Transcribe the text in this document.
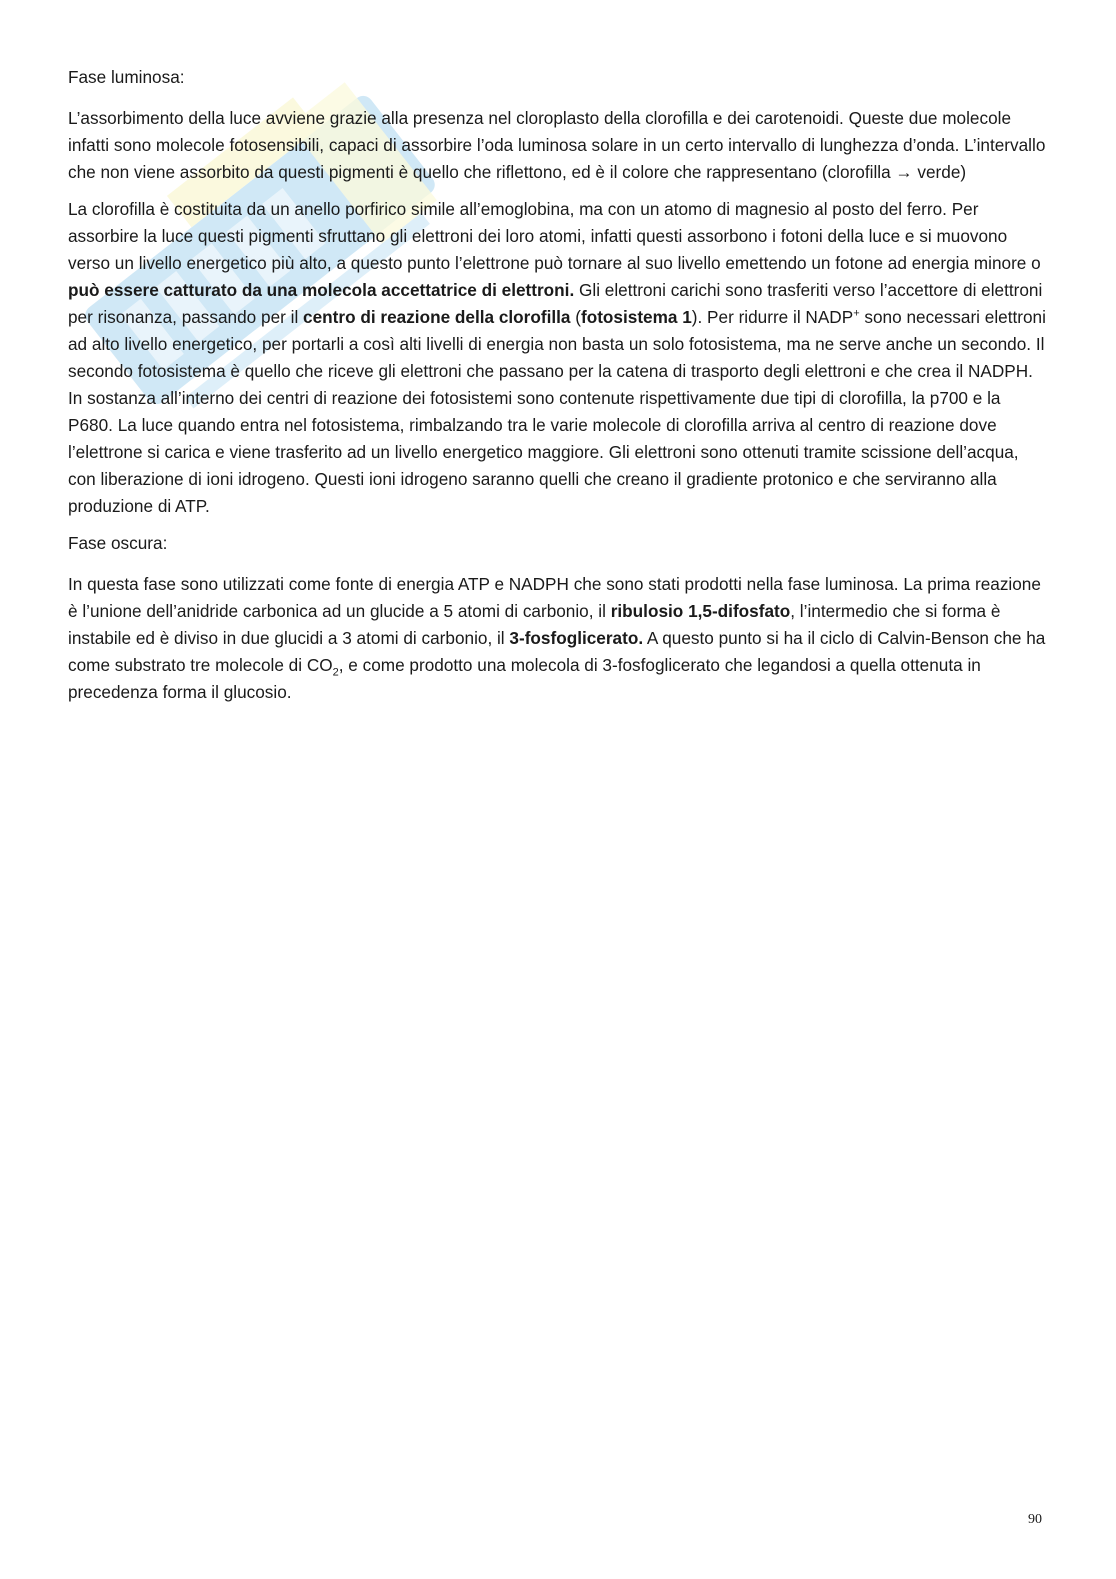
Fase luminosa:

L’assorbimento della luce avviene grazie alla presenza nel cloroplasto della clorofilla e dei carotenoidi. Queste due molecole infatti sono molecole fotosensibili, capaci di assorbire l’oda luminosa solare in un certo intervallo di lunghezza d’onda. L’intervallo che non viene assorbito da questi pigmenti è quello che riflettono, ed è il colore che rappresentano (clorofilla → verde)

La clorofilla è costituita da un anello porfirico simile all’emoglobina, ma con un atomo di magnesio al posto del ferro. Per assorbire la luce questi pigmenti sfruttano gli elettroni dei loro atomi, infatti questi assorbono i fotoni della luce e si muovono verso un livello energetico più alto, a questo punto l’elettrone può tornare al suo livello emettendo un fotone ad energia minore o può essere catturato da una molecola accettatrice di elettroni. Gli elettroni carichi sono trasferiti verso l’accettore di elettroni per risonanza, passando per il centro di reazione della clorofilla (fotosistema 1). Per ridurre il NADP+ sono necessari elettroni ad alto livello energetico, per portarli a così alti livelli di energia non basta un solo fotosistema, ma ne serve anche un secondo. Il secondo fotosistema è quello che riceve gli elettroni che passano per la catena di trasporto degli elettroni e che crea il NADPH. In sostanza all’interno dei centri di reazione dei fotosistemi sono contenute rispettivamente due tipi di clorofilla, la p700 e la P680. La luce quando entra nel fotosistema, rimbalzando tra le varie molecole di clorofilla arriva al centro di reazione dove l’elettrone si carica e viene trasferito ad un livello energetico maggiore. Gli elettroni sono ottenuti tramite scissione dell’acqua, con liberazione di ioni idrogeno. Questi ioni idrogeno saranno quelli che creano il gradiente protonico e che serviranno alla produzione di ATP.

Fase oscura:

In questa fase sono utilizzati come fonte di energia ATP e NADPH che sono stati prodotti nella fase luminosa. La prima reazione è l’unione dell’anidride carbonica ad un glucide a 5 atomi di carbonio, il ribulosio 1,5-difosfato, l’intermedio che si forma è instabile ed è diviso in due glucidi a 3 atomi di carbonio, il 3-fosfoglicerato. A questo punto si ha il ciclo di Calvin-Benson che ha come substrato tre molecole di $CO_2$, e come prodotto una molecola di 3-fosfoglicerato che legandosi a quella ottenuta in precedenza forma il glucosio.

90
